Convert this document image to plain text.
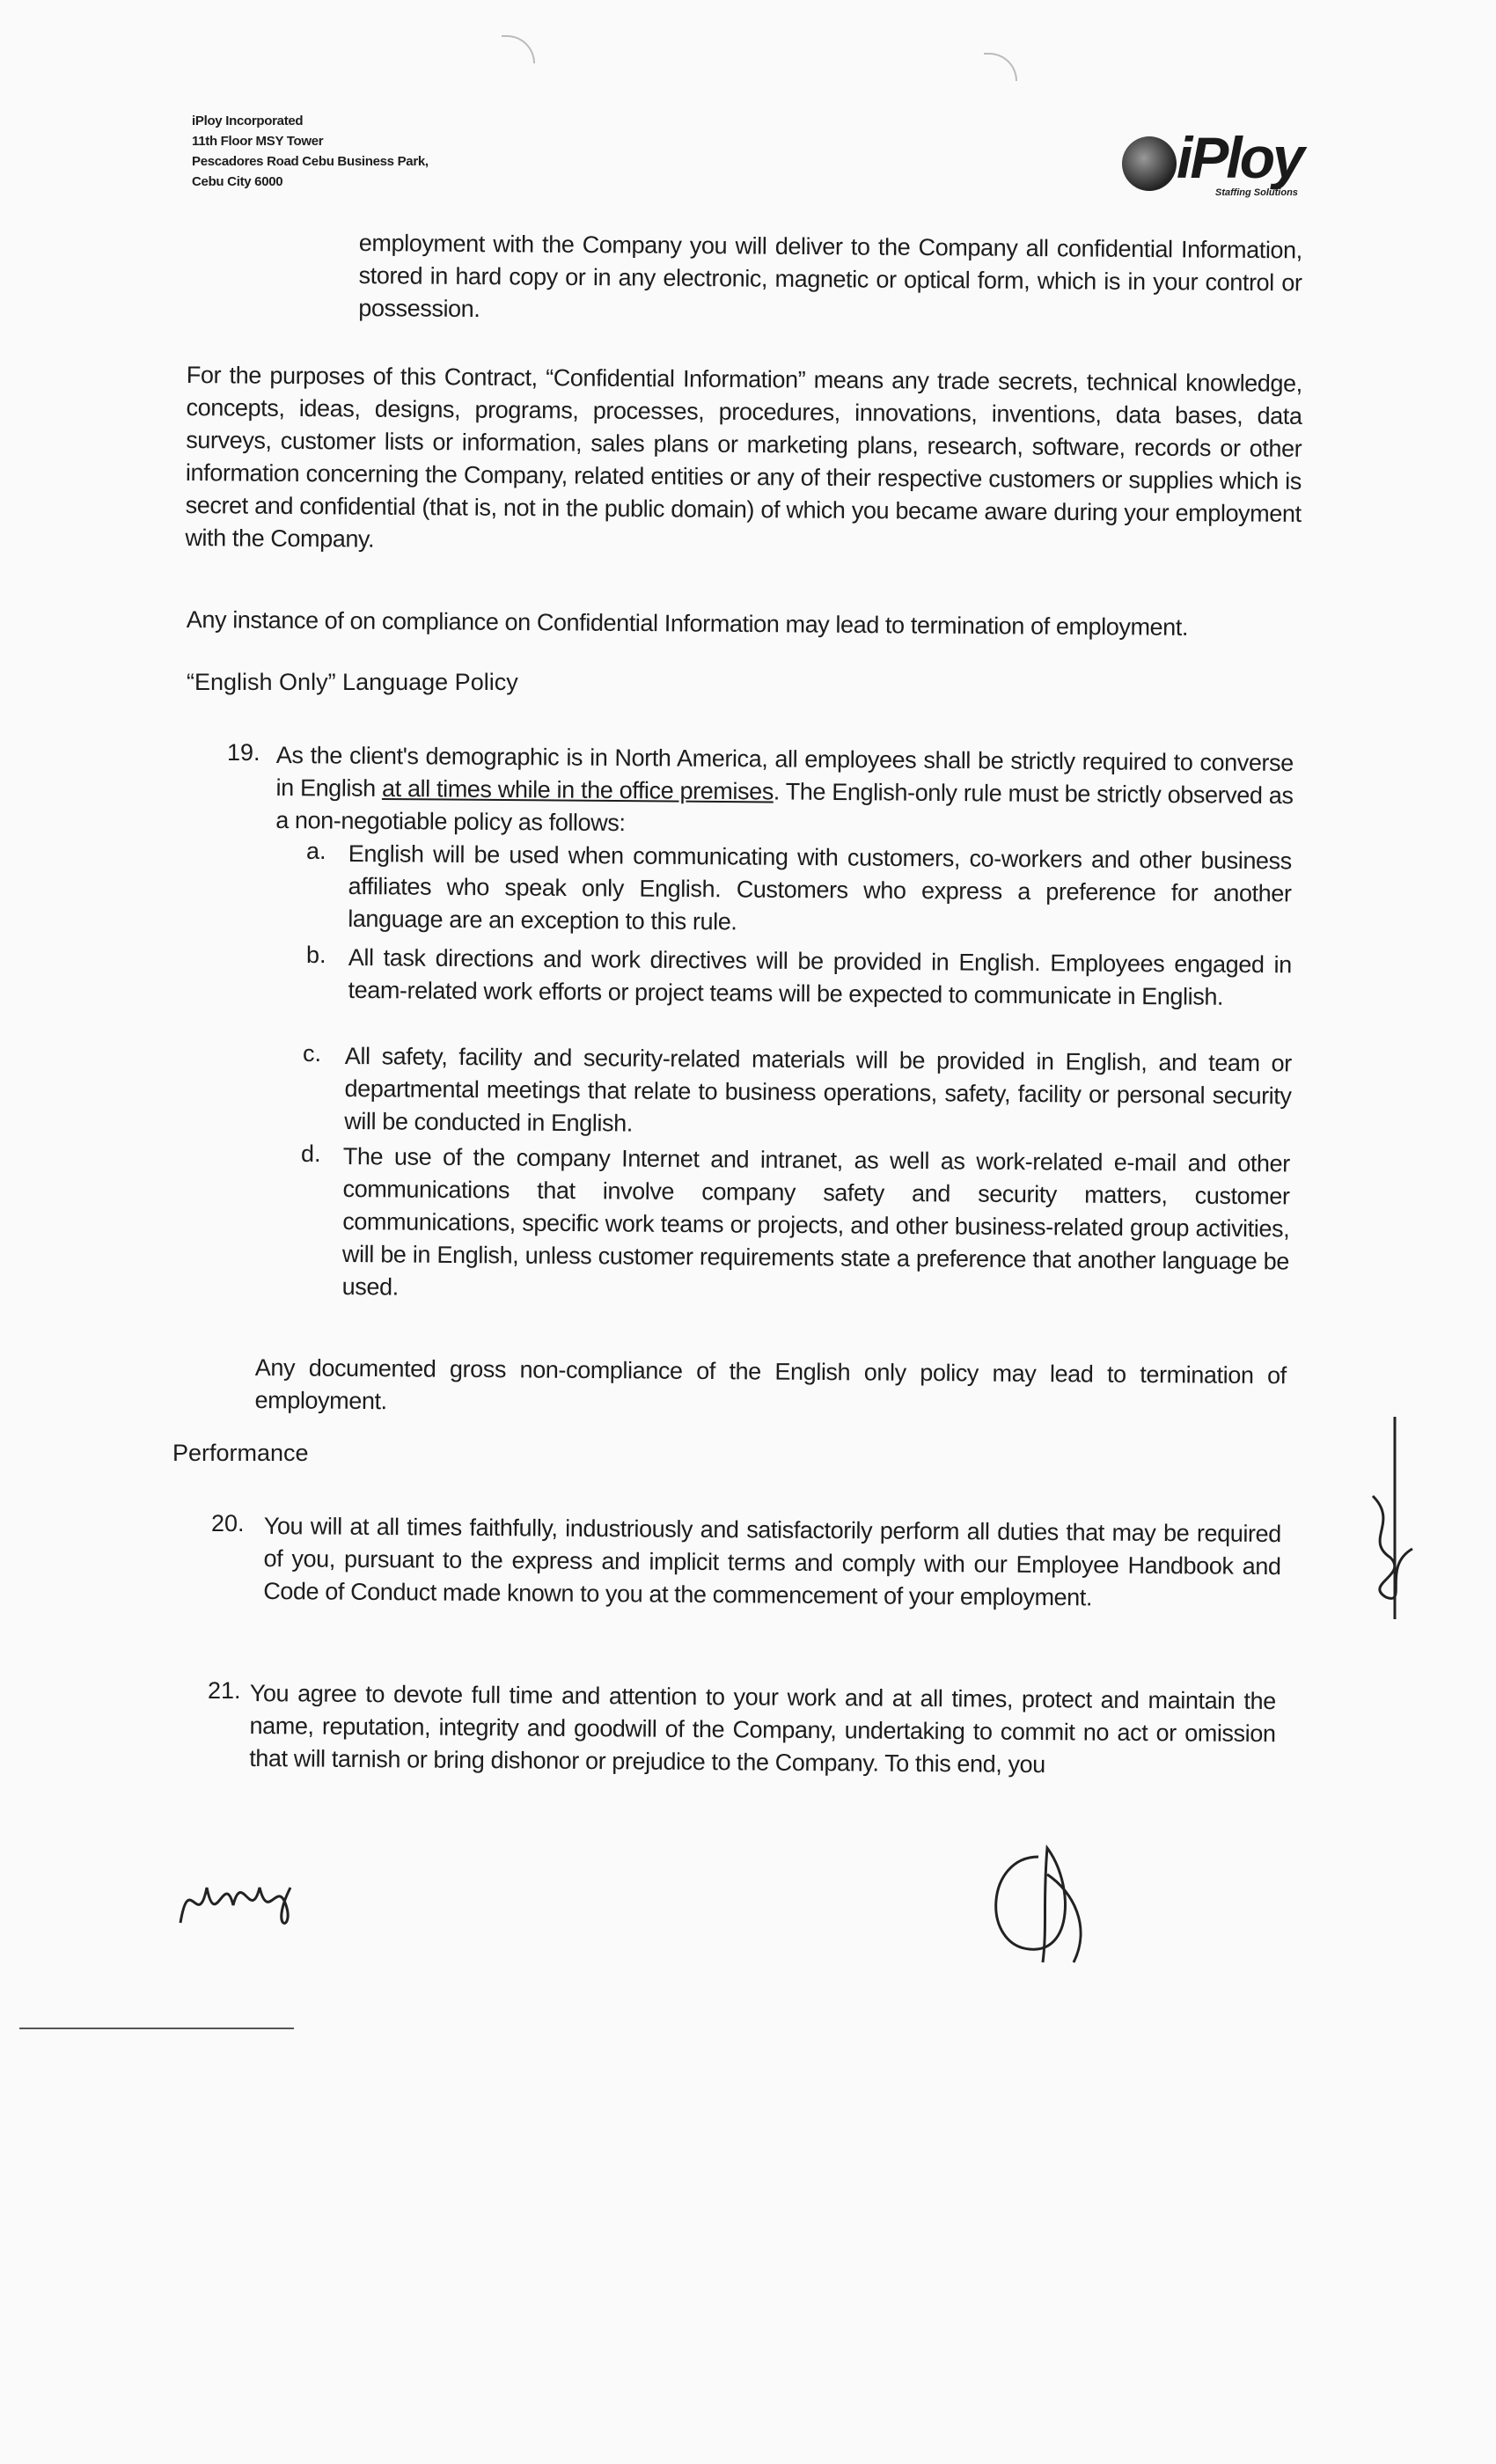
iPloy Incorporated
11th Floor MSY Tower
Pescadores Road Cebu Business Park,
Cebu City 6000	iPloy
Staffing Solutions
employment with the Company you will deliver to the Company all confidential Information, stored in hard copy or in any electronic, magnetic or optical form, which is in your control or possession.
For the purposes of this Contract, “Confidential Information” means any trade secrets, technical knowledge, concepts, ideas, designs, programs, processes, procedures, innovations, inventions, data bases, data surveys, customer lists or information, sales plans or marketing plans, research, software, records or other information concerning the Company, related entities or any of their respective customers or supplies which is secret and confidential (that is, not in the public domain) of which you became aware during your employment with the Company.
Any instance of on compliance on Confidential Information may lead to termination of employment.
“English Only” Language Policy
19. As the client's demographic is in North America, all employees shall be strictly required to converse in English at all times while in the office premises. The English-only rule must be strictly observed as a non-negotiable policy as follows:
a. English will be used when communicating with customers, co-workers and other business affiliates who speak only English. Customers who express a preference for another language are an exception to this rule.
b. All task directions and work directives will be provided in English. Employees engaged in team-related work efforts or project teams will be expected to communicate in English.
c. All safety, facility and security-related materials will be provided in English, and team or departmental meetings that relate to business operations, safety, facility or personal security will be conducted in English.
d. The use of the company Internet and intranet, as well as work-related e-mail and other communications that involve company safety and security matters, customer communications, specific work teams or projects, and other business-related group activities, will be in English, unless customer requirements state a preference that another language be used.
Any documented gross non-compliance of the English only policy may lead to termination of employment.
Performance
20. You will at all times faithfully, industriously and satisfactorily perform all duties that may be required of you, pursuant to the express and implicit terms and comply with our Employee Handbook and Code of Conduct made known to you at the commencement of your employment.
21. You agree to devote full time and attention to your work and at all times, protect and maintain the name, reputation, integrity and goodwill of the Company, undertaking to commit no act or omission that will tarnish or bring dishonor or prejudice to the Company. To this end, you
